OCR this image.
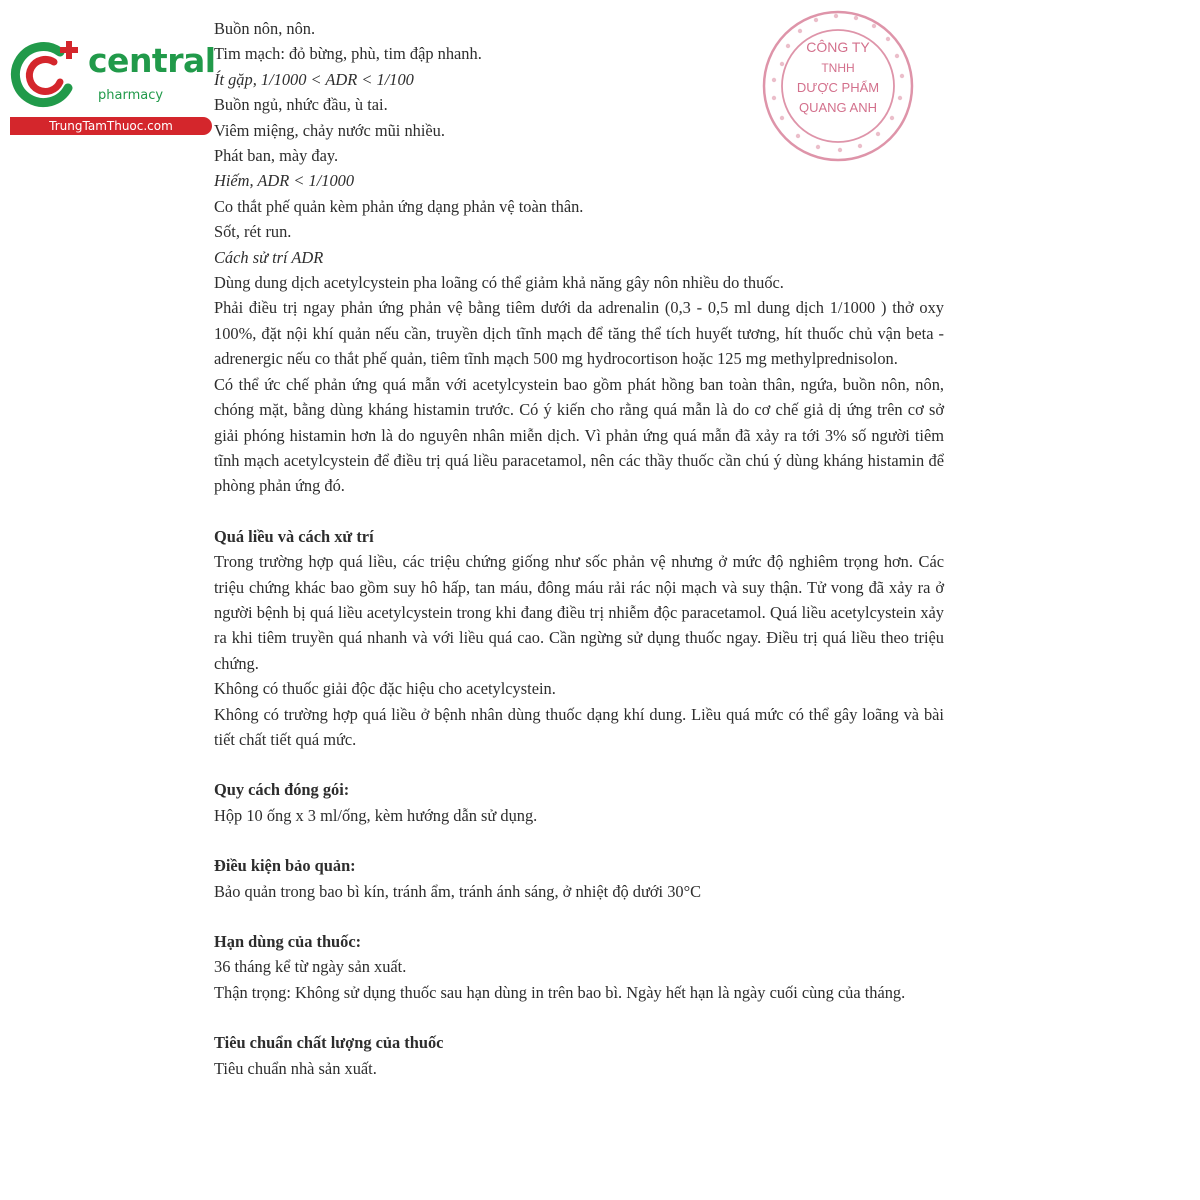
central
pharmacy
TrungTamThuoc.com
CÔNG TY
TNHH
DƯỢC PHẨM
QUANG ANH

Buồn nôn, nôn.

Tim mạch: đỏ bừng, phù, tim đập nhanh.

Ít gặp, 1/1000 < ADR < 1/100

Buồn ngủ, nhức đầu, ù tai.

Viêm miệng, chảy nước mũi nhiều.

Phát ban, mày đay.

Hiếm, ADR < 1/1000

Co thắt phế quản kèm phản ứng dạng phản vệ toàn thân.

Sốt, rét run.

Cách sử trí ADR

Dùng dung dịch acetylcystein pha loãng có thể giảm khả năng gây nôn nhiều do thuốc.

Phải điều trị ngay phản ứng phản vệ bằng tiêm dưới da adrenalin (0,3 - 0,5 ml dung dịch 1/1000 ) thở oxy 100%, đặt nội khí quản nếu cần, truyền dịch tĩnh mạch để tăng thể tích huyết tương, hít thuốc chủ vận beta - adrenergic nếu co thắt phế quản, tiêm tĩnh mạch 500 mg hydrocortison hoặc 125 mg methylprednisolon.

Có thể ức chế phản ứng quá mẫn với acetylcystein bao gồm phát hồng ban toàn thân, ngứa, buồn nôn, nôn, chóng mặt, bằng dùng kháng histamin trước. Có ý kiến cho rằng quá mẫn là do cơ chế giả dị ứng trên cơ sở giải phóng histamin hơn là do nguyên nhân miễn dịch. Vì phản ứng quá mẫn đã xảy ra tới 3% số người tiêm tĩnh mạch acetylcystein để điều trị quá liều paracetamol, nên các thầy thuốc cần chú ý dùng kháng histamin để phòng phản ứng đó.

Quá liều và cách xử trí

Trong trường hợp quá liều, các triệu chứng giống như sốc phản vệ nhưng ở mức độ nghiêm trọng hơn. Các triệu chứng khác bao gồm suy hô hấp, tan máu, đông máu rải rác nội mạch và suy thận. Tử vong đã xảy ra ở người bệnh bị quá liều acetylcystein trong khi đang điều trị nhiễm độc paracetamol. Quá liều acetylcystein xảy ra khi tiêm truyền quá nhanh và với liều quá cao. Cần ngừng sử dụng thuốc ngay. Điều trị quá liều theo triệu chứng.

Không có thuốc giải độc đặc hiệu cho acetylcystein.

Không có trường hợp quá liều ở bệnh nhân dùng thuốc dạng khí dung. Liều quá mức có thể gây loãng và bài tiết chất tiết quá mức.

Quy cách đóng gói:

Hộp 10 ống x 3 ml/ống, kèm hướng dẫn sử dụng.

Điều kiện bảo quản:

Bảo quản trong bao bì kín, tránh ẩm, tránh ánh sáng, ở nhiệt độ dưới 30°C

Hạn dùng của thuốc:

36 tháng kể từ ngày sản xuất.

Thận trọng: Không sử dụng thuốc sau hạn dùng in trên bao bì. Ngày hết hạn là ngày cuối cùng của tháng.

Tiêu chuẩn chất lượng của thuốc

Tiêu chuẩn nhà sản xuất.
